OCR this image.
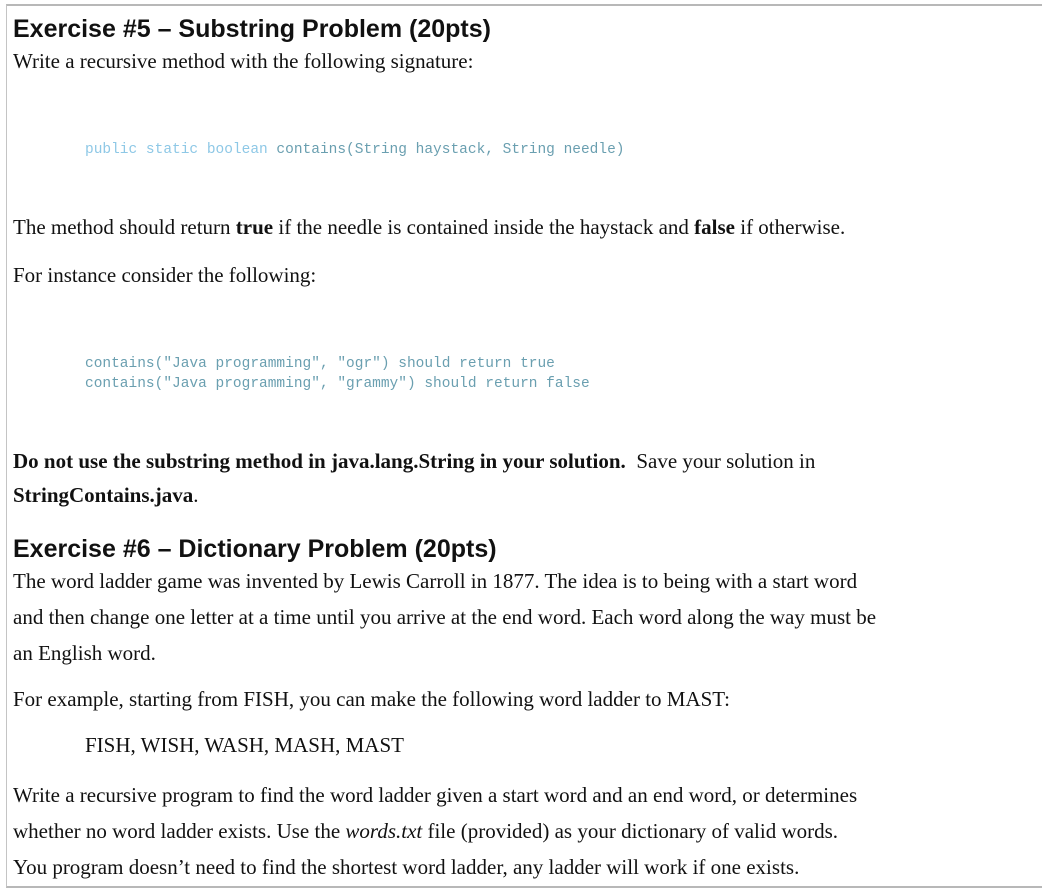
Exercise #5 – Substring Problem (20pts)

Write a recursive method with the following signature:

public static boolean contains(String haystack, String needle)

The method should return true if the needle is contained inside the haystack and false if otherwise.

For instance consider the following:

contains("Java programming", "ogr") should return true

contains("Java programming", "grammy") should return false

Do not use the substring method in java.lang.String in your solution.  Save your solution in
StringContains.java.

Exercise #6 – Dictionary Problem (20pts)

The word ladder game was invented by Lewis Carroll in 1877. The idea is to being with a start word

and then change one letter at a time until you arrive at the end word. Each word along the way must be

an English word.

For example, starting from FISH, you can make the following word ladder to MAST:

FISH, WISH, WASH, MASH, MAST

Write a recursive program to find the word ladder given a start word and an end word, or determines

whether no word ladder exists. Use the words.txt file (provided) as your dictionary of valid words.

You program doesn’t need to find the shortest word ladder, any ladder will work if one exists.
